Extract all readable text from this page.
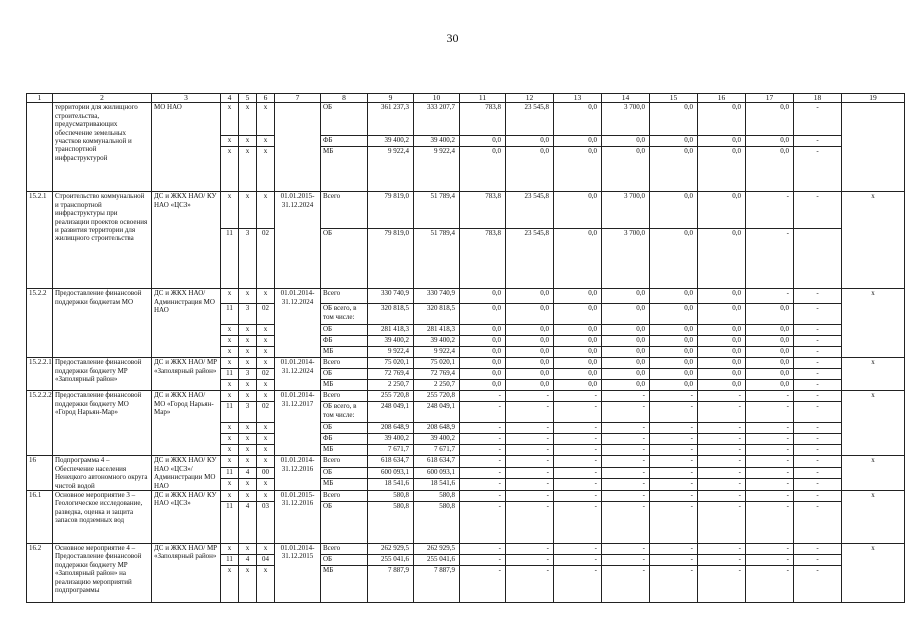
30
1	2	3	4	5	6	7	8	9	10	11	12	13	14	15	16	17	18	19
	территории для жилищного строительства, предусматривающих обеспечение земельных участков коммунальной и транспортной инфраструктурой	МО НАО	x	x	x		ОБ	361 237,3	333 207,7	783,8	23 545,8	0,0	3 700,0	0,0	0,0	0,0	-	
			x	x	x		ФБ	39 400,2	39 400,2	0,0	0,0	0,0	0,0	0,0	0,0	0,0	-	
			x	x	x		МБ	9 922,4	9 922,4	0,0	0,0	0,0	0,0	0,0	0,0	0,0	-	
15.2.1	Строительство коммунальной и транспортной инфраструктуры при реализации проектов освоения и развития территории для жилищного строительства	ДС и ЖКХ НАО/ КУ НАО «ЦСЗ»	x	x	x	01.01.2015- 31.12.2024	Всего	79 819,0	51 789,4	783,8	23 545,8	0,0	3 700,0	0,0	0,0	-	-	x
			11	3	02		ОБ	79 819,0	51 789,4	783,8	23 545,8	0,0	3 700,0	0,0	0,0	-		
15.2.2	Предоставление финансовой поддержки бюджетам МО	ДС и ЖКХ НАО/ Администрация МО НАО	x	x	x	01.01.2014- 31.12.2024	Всего	330 740,9	330 740,9	0,0	0,0	0,0	0,0	0,0	0,0	-	-	x
			11	3	02		ОБ всего, в том числе:	320 818,5	320 818,5	0,0	0,0	0,0	0,0	0,0	0,0	0,0	-	
			x	x	x		ОБ	281 418,3	281 418,3	0,0	0,0	0,0	0,0	0,0	0,0	0,0	-	
			x	x	x		ФБ	39 400,2	39 400,2	0,0	0,0	0,0	0,0	0,0	0,0	0,0	-	
			x	x	x		МБ	9 922,4	9 922,4	0,0	0,0	0,0	0,0	0,0	0,0	0,0	-	
15.2.2.1	Предоставление финансовой поддержки бюджету МР «Заполярный район»	ДС и ЖКХ НАО/ МР «Заполярный район»	x	x	x	01.01.2014- 31.12.2024	Всего	75 020,1	75 020,1	0,0	0,0	0,0	0,0	0,0	0,0	0,0	-	x
			11	3	02		ОБ	72 769,4	72 769,4	0,0	0,0	0,0	0,0	0,0	0,0	0,0	-	
			x	x	x		МБ	2 250,7	2 250,7	0,0	0,0	0,0	0,0	0,0	0,0	0,0	-	
15.2.2.2	Предоставление финансовой поддержки бюджету МО «Город Нарьян-Мар»	ДС и ЖКХ НАО/ МО «Город Нарьян-Мар»	x	x	x	01.01.2014- 31.12.2017	Всего	255 720,8	255 720,8	-	-	-	-	-	-	-	-	x
			11	3	02		ОБ всего, в том числе:	248 049,1	248 049,1	-	-	-	-	-	-	-	-	
			x	x	x		ОБ	208 648,9	208 648,9	-	-	-	-	-	-	-	-	
			x	x	x		ФБ	39 400,2	39 400,2	-	-	-	-	-	-	-	-	
			x	x	x		МБ	7 671,7	7 671,7	-	-	-	-	-	-	-	-	
16	Подпрограмма 4 – Обеспечение населения Ненецкого автономного округа чистой водой	ДС и ЖКХ НАО/ КУ НАО «ЦСЗ»/ Администрации МО НАО	x	x	x	01.01.2014- 31.12.2016	Всего	618 634,7	618 634,7	-	-	-	-	-	-	-	-	x
			11	4	00		ОБ	600 093,1	600 093,1	-	-	-	-	-	-	-	-	
			x	x	x		МБ	18 541,6	18 541,6	-	-	-	-	-	-	-	-	
16.1	Основное мероприятие 3 – Геологическое исследование, разведка, оценка и защита запасов подземных вод	ДС и ЖКХ НАО/ КУ НАО «ЦСЗ»	x	x	x	01.01.2015- 31.12.2016	Всего	580,8	580,8	-	-	-	-	-	-	-	-	x
			11	4	03		ОБ	580,8	580,8	-	-	-	-	-	-	-	-	
16.2	Основное мероприятие 4 – Предоставление финансовой поддержки бюджету МР «Заполярный район» на реализацию мероприятий подпрограммы	ДС и ЖКХ НАО/ МР «Заполярный район»	x	x	x	01.01.2014- 31.12.2015	Всего	262 929,5	262 929,5	-	-	-	-	-	-	-	-	x
			11	4	04		ОБ	255 041,6	255 041,6	-	-	-	-	-	-	-	-	
			x	x	x		МБ	7 887,9	7 887,9	-	-	-	-	-	-	-	-	
